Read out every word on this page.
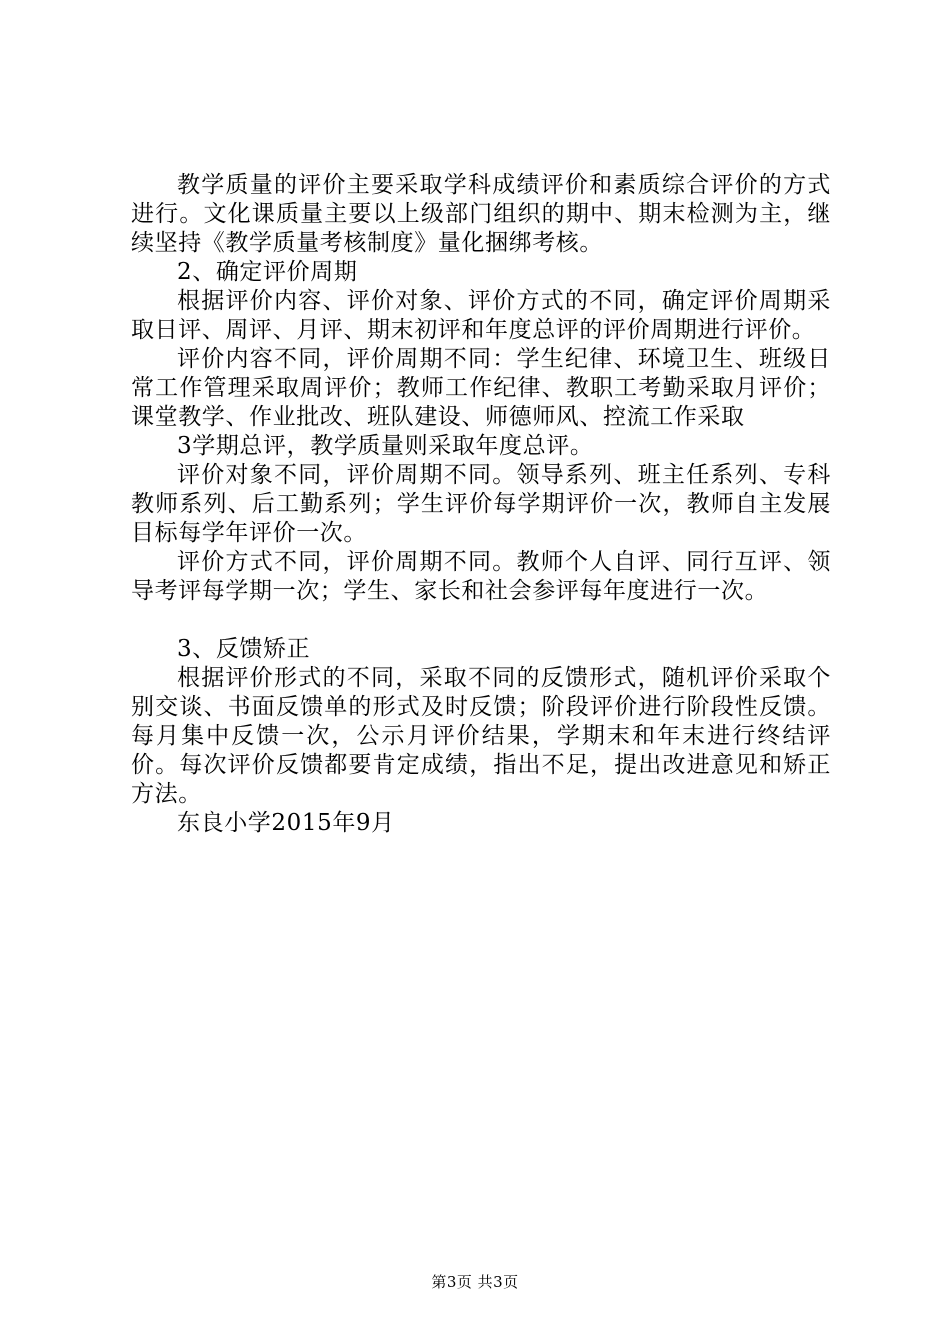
教学质量的评价主要采取学科成绩评价和素质综合评价的方式进行。文化课质量主要以上级部门组织的期中、期末检测为主，继续坚持《教学质量考核制度》量化捆绑考核。

2、确定评价周期

根据评价内容、评价对象、评价方式的不同，确定评价周期采取日评、周评、月评、期末初评和年度总评的评价周期进行评价。

评价内容不同，评价周期不同：学生纪律、环境卫生、班级日常工作管理采取周评价；教师工作纪律、教职工考勤采取月评价；课堂教学、作业批改、班队建设、师德师风、控流工作采取

3学期总评，教学质量则采取年度总评。

评价对象不同，评价周期不同。领导系列、班主任系列、专科教师系列、后工勤系列；学生评价每学期评价一次，教师自主发展目标每学年评价一次。

评价方式不同，评价周期不同。教师个人自评、同行互评、领导考评每学期一次；学生、家长和社会参评每年度进行一次。

3、反馈矫正

根据评价形式的不同，采取不同的反馈形式，随机评价采取个别交谈、书面反馈单的形式及时反馈；阶段评价进行阶段性反馈。每月集中反馈一次，公示月评价结果，学期末和年末进行终结评价。每次评价反馈都要肯定成绩，指出不足，提出改进意见和矫正方法。

东良小学2015年9月

第3页 共3页
